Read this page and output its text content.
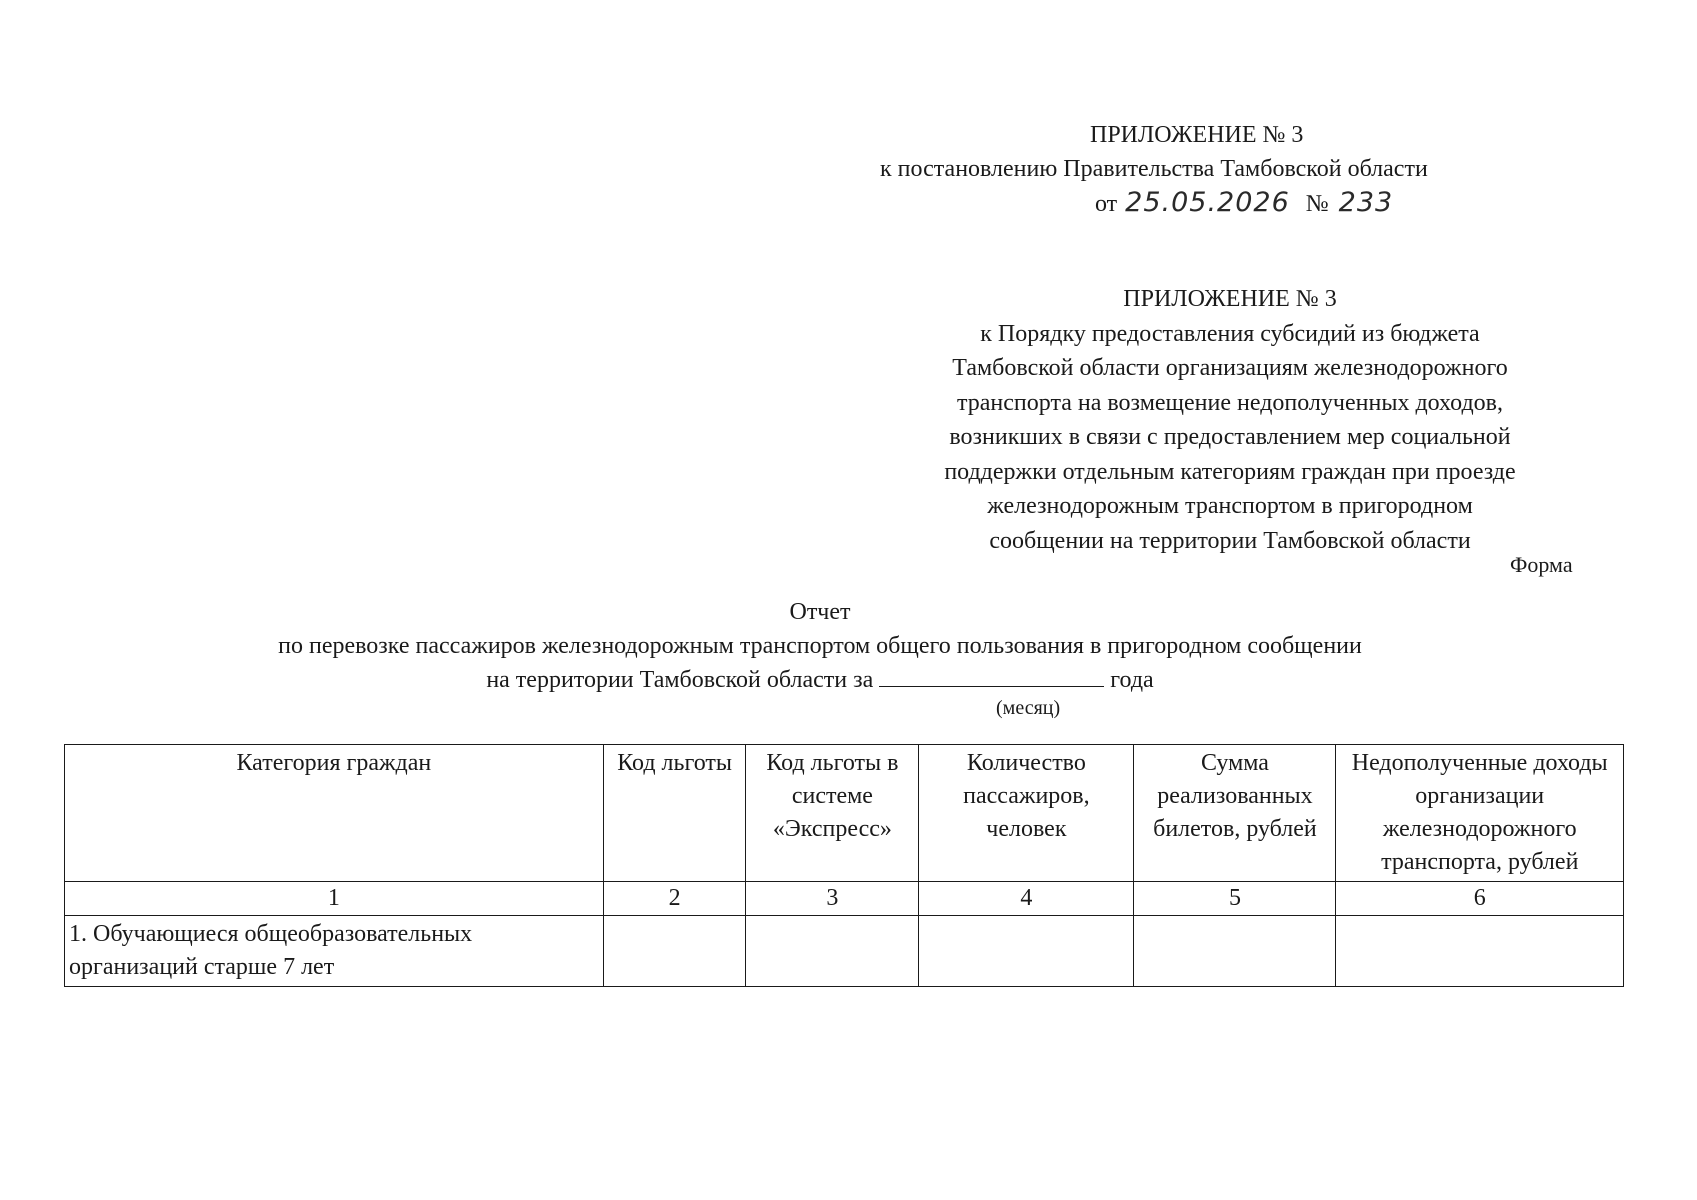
ПРИЛОЖЕНИЕ № 3
к постановлению Правительства Тамбовской области
от 25.05.2026 № 233
ПРИЛОЖЕНИЕ № 3
к Порядку предоставления субсидий из бюджета
Тамбовской области организациям железнодорожного
транспорта на возмещение недополученных доходов,
возникших в связи с предоставлением мер социальной
поддержки отдельным категориям граждан при проезде
железнодорожным транспортом в пригородном
сообщении на территории Тамбовской области
Форма
Отчет
по перевозке пассажиров железнодорожным транспортом общего пользования в пригородном сообщении
на территории Тамбовской области за	года
(месяц)
Категория граждан	Код льготы	Код льготы в системе «Экспресс»	Количество пассажиров, человек	Сумма реализованных билетов, рублей	Недополученные доходы организации железнодорожного транспорта, рублей
1	2	3	4	5	6
1. Обучающиеся общеобразовательных организаций старше 7 лет					
